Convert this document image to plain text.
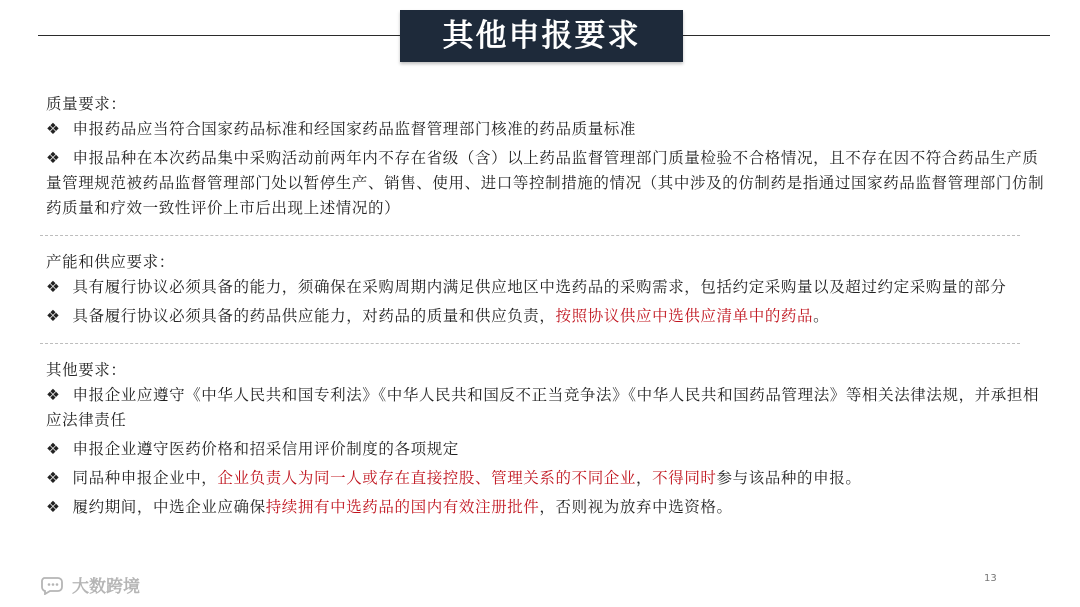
其他申报要求

质量要求：

❖ 申报药品应当符合国家药品标准和经国家药品监督管理部门核准的药品质量标准

❖ 申报品种在本次药品集中采购活动前两年内不存在省级（含）以上药品监督管理部门质量检验不合格情况，且不存在因不符合药品生产质量管理规范被药品监督管理部门处以暂停生产、销售、使用、进口等控制措施的情况（其中涉及的仿制药是指通过国家药品监督管理部门仿制药质量和疗效一致性评价上市后出现上述情况的）

产能和供应要求：

❖ 具有履行协议必须具备的能力，须确保在采购周期内满足供应地区中选药品的采购需求，包括约定采购量以及超过约定采购量的部分

❖ 具备履行协议必须具备的药品供应能力，对药品的质量和供应负责，按照协议供应中选供应清单中的药品。

其他要求：

❖ 申报企业应遵守《中华人民共和国专利法》《中华人民共和国反不正当竞争法》《中华人民共和国药品管理法》等相关法律法规，并承担相应法律责任

❖ 申报企业遵守医药价格和招采信用评价制度的各项规定

❖ 同品种申报企业中，企业负责人为同一人或存在直接控股、管理关系的不同企业，不得同时参与该品种的申报。

❖ 履约期间，中选企业应确保持续拥有中选药品的国内有效注册批件，否则视为放弃中选资格。

大数跨境	13
